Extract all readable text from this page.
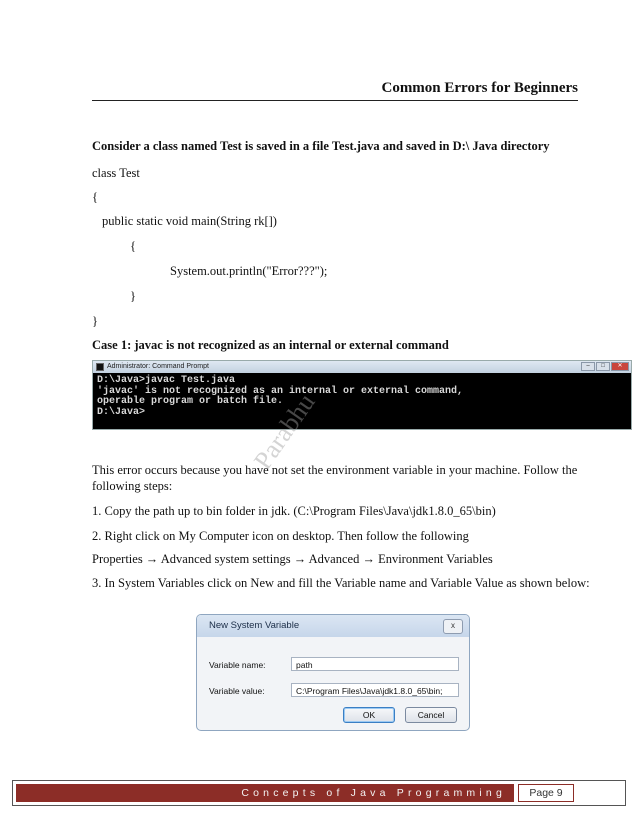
Common Errors for Beginners
Consider a class named Test is saved in a file Test.java and saved in D:\ Java directory
class Test
{
public static void main(String rk[])
{
System.out.println("Error???");
}
}
Case 1: javac is not recognized as an internal or external command
Administrator: Command Prompt	–	□	✕
D:\Java>javac Test.java
'javac' is not recognized as an internal or external command,
operable program or batch file.
D:\Java>	Parabhu
This error occurs because you have not set the environment variable in your machine. Follow the following steps:
1. Copy the path up to bin folder in jdk. (C:\Program Files\Java\jdk1.8.0_65\bin)
2. Right click on My Computer icon on desktop. Then follow the following
Properties → Advanced system settings → Advanced → Environment Variables
3. In System Variables click on New and fill the Variable name and Variable Value as shown below:
New System Variable	x
Variable name:	path
Variable value:	C:\Program Files\Java\jdk1.8.0_65\bin;
OK	Cancel
Concepts of Java Programming	Page 9
